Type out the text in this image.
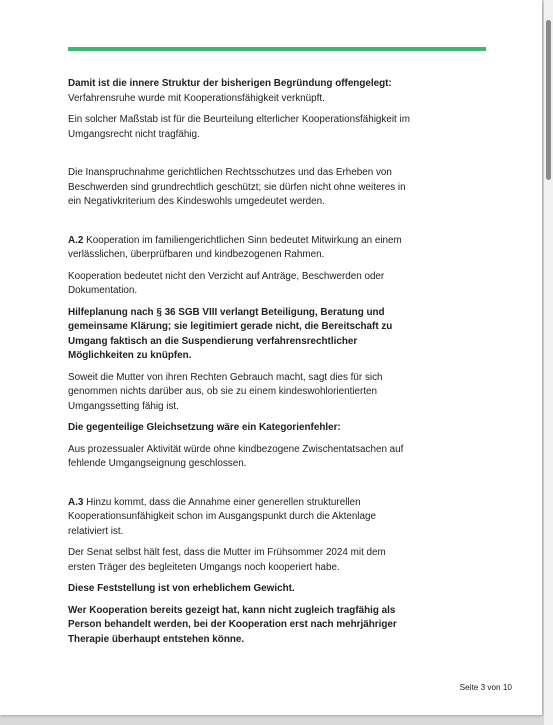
Damit ist die innere Struktur der bisherigen Begründung offengelegt:
Verfahrensruhe wurde mit Kooperationsfähigkeit verknüpft.

Ein solcher Maßstab ist für die Beurteilung elterlicher Kooperationsfähigkeit im Umgangsrecht nicht tragfähig.

Die Inanspruchnahme gerichtlichen Rechtsschutzes und das Erheben von Beschwerden sind grundrechtlich geschützt; sie dürfen nicht ohne weiteres in ein Negativkriterium des Kindeswohls umgedeutet werden.

A.2 Kooperation im familiengerichtlichen Sinn bedeutet Mitwirkung an einem verlässlichen, überprüfbaren und kindbezogenen Rahmen.

Kooperation bedeutet nicht den Verzicht auf Anträge, Beschwerden oder Dokumentation.

Hilfeplanung nach § 36 SGB VIII verlangt Beteiligung, Beratung und gemeinsame Klärung; sie legitimiert gerade nicht, die Bereitschaft zu Umgang faktisch an die Suspendierung verfahrensrechtlicher Möglichkeiten zu knüpfen.

Soweit die Mutter von ihren Rechten Gebrauch macht, sagt dies für sich genommen nichts darüber aus, ob sie zu einem kindeswohlorientierten Umgangssetting fähig ist.

Die gegenteilige Gleichsetzung wäre ein Kategorienfehler:

Aus prozessualer Aktivität würde ohne kindbezogene Zwischentatsachen auf fehlende Umgangseignung geschlossen.

A.3 Hinzu kommt, dass die Annahme einer generellen strukturellen Kooperationsunfähigkeit schon im Ausgangspunkt durch die Aktenlage relativiert ist.

Der Senat selbst hält fest, dass die Mutter im Frühsommer 2024 mit dem ersten Träger des begleiteten Umgangs noch kooperiert habe.

Diese Feststellung ist von erheblichem Gewicht.

Wer Kooperation bereits gezeigt hat, kann nicht zugleich tragfähig als Person behandelt werden, bei der Kooperation erst nach mehrjähriger Therapie überhaupt entstehen könne.

Seite 3 von 10
